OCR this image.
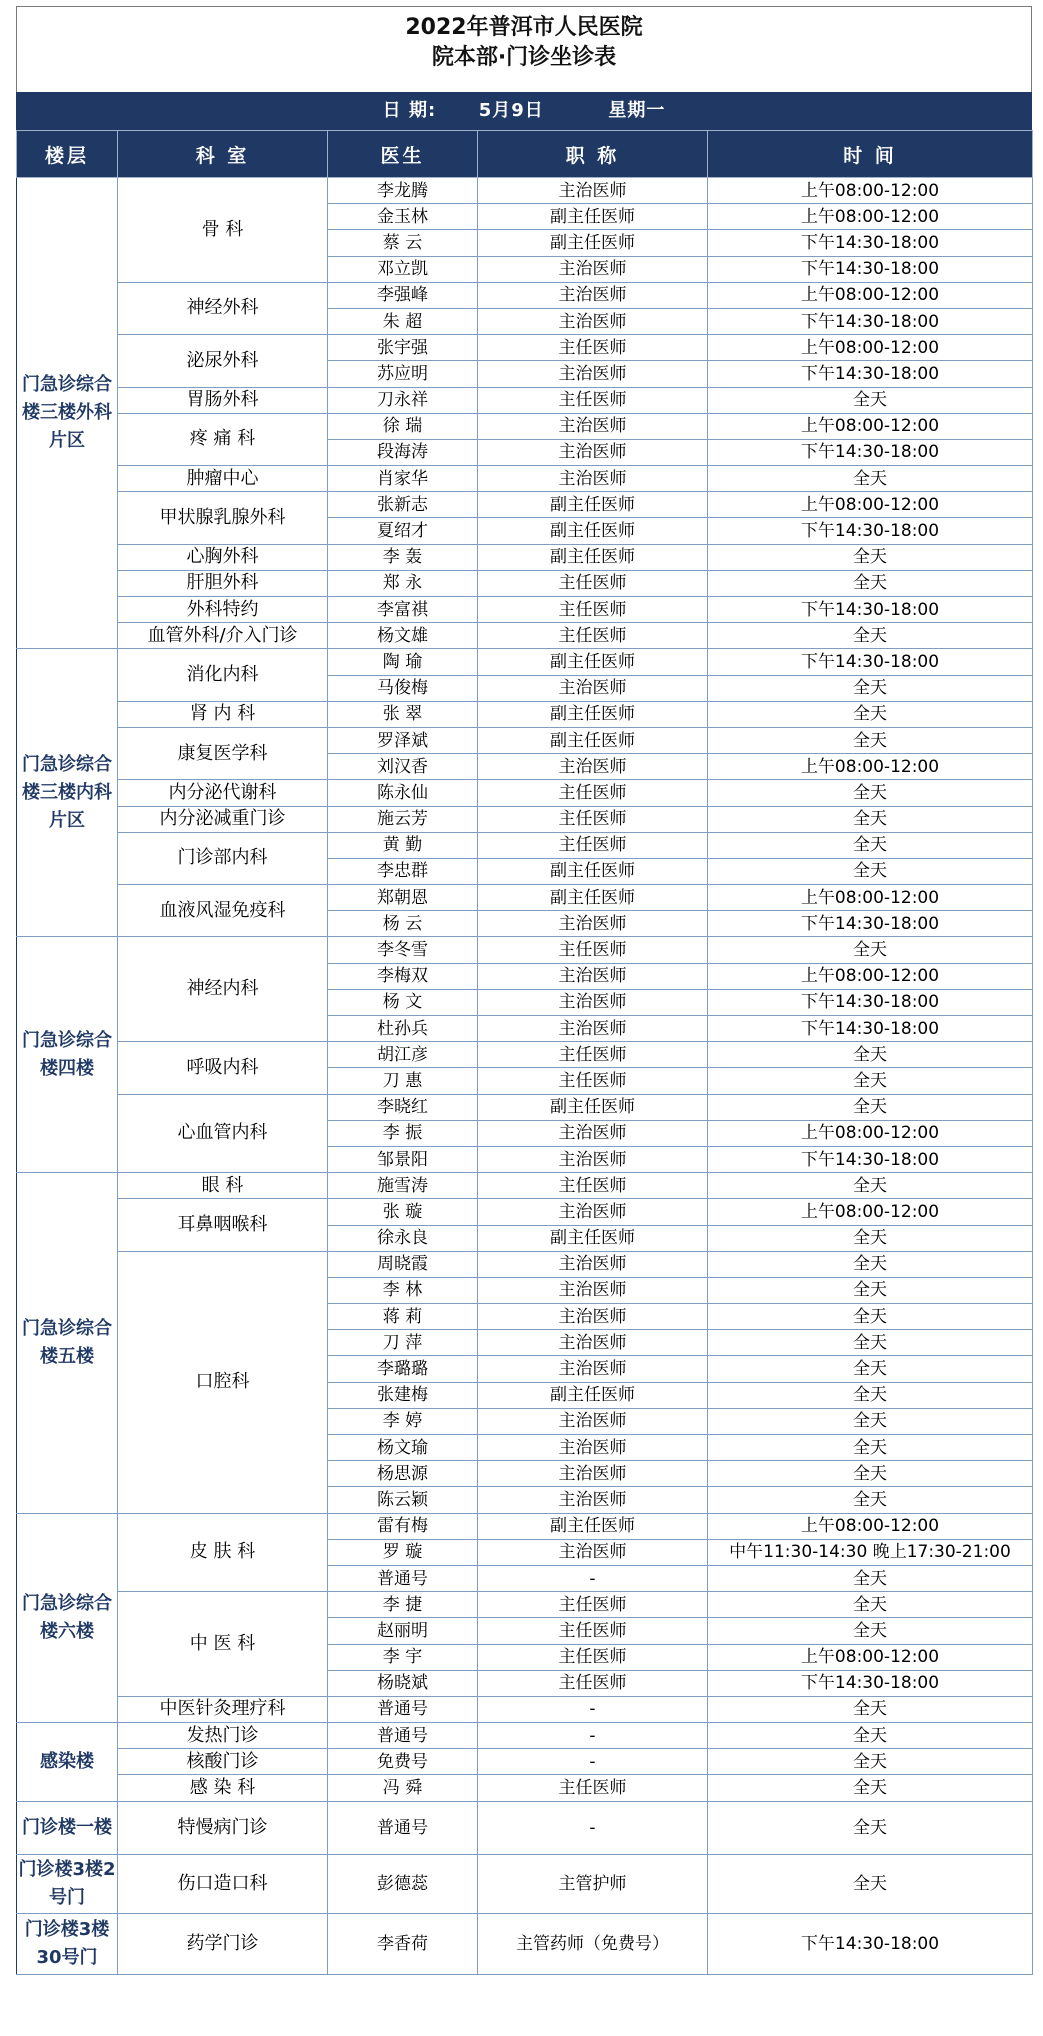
2022年普洱市人民医院
院本部·门诊坐诊表
日 期: 5月9日	星期一
楼层	科 室	医生	职 称	时 间
门急诊综合楼三楼外科片区	骨 科	李龙腾	主治医师	上午08:00-12:00
		金玉林	副主任医师	上午08:00-12:00
		蔡 云	副主任医师	下午14:30-18:00
		邓立凯	主治医师	下午14:30-18:00
	神经外科	李强峰	主治医师	上午08:00-12:00
		朱 超	主治医师	下午14:30-18:00
	泌尿外科	张宇强	主任医师	上午08:00-12:00
		苏应明	主治医师	下午14:30-18:00
	胃肠外科	刀永祥	主任医师	全天
	疼 痛 科	徐 瑞	主治医师	上午08:00-12:00
		段海涛	主治医师	下午14:30-18:00
	肿瘤中心	肖家华	主治医师	全天
	甲状腺乳腺外科	张新志	副主任医师	上午08:00-12:00
		夏绍才	副主任医师	下午14:30-18:00
	心胸外科	李 轰	副主任医师	全天
	肝胆外科	郑 永	主任医师	全天
	外科特约	李富祺	主任医师	下午14:30-18:00
	血管外科/介入门诊	杨文雄	主任医师	全天
门急诊综合楼三楼内科片区	消化内科	陶 瑜	副主任医师	下午14:30-18:00
		马俊梅	主治医师	全天
	肾 内 科	张 翠	副主任医师	全天
	康复医学科	罗泽斌	副主任医师	全天
		刘汉香	主治医师	上午08:00-12:00
	内分泌代谢科	陈永仙	主任医师	全天
	内分泌减重门诊	施云芳	主任医师	全天
	门诊部内科	黄 勤	主任医师	全天
		李忠群	副主任医师	全天
	血液风湿免疫科	郑朝恩	副主任医师	上午08:00-12:00
		杨 云	主治医师	下午14:30-18:00
门急诊综合楼四楼	神经内科	李冬雪	主任医师	全天
		李梅双	主治医师	上午08:00-12:00
		杨 文	主治医师	下午14:30-18:00
		杜孙兵	主治医师	下午14:30-18:00
	呼吸内科	胡江彦	主任医师	全天
		刀 惠	主任医师	全天
	心血管内科	李晓红	副主任医师	全天
		李 振	主治医师	上午08:00-12:00
		邹景阳	主治医师	下午14:30-18:00
门急诊综合楼五楼	眼 科	施雪涛	主任医师	全天
	耳鼻咽喉科	张 璇	主治医师	上午08:00-12:00
		徐永良	副主任医师	全天
	口腔科	周晓霞	主治医师	全天
		李 林	主治医师	全天
		蒋 莉	主治医师	全天
		刀 萍	主治医师	全天
		李璐璐	主治医师	全天
		张建梅	副主任医师	全天
		李 婷	主治医师	全天
		杨文瑜	主治医师	全天
		杨思源	主治医师	全天
		陈云颖	主治医师	全天
门急诊综合楼六楼	皮 肤 科	雷有梅	副主任医师	上午08:00-12:00
		罗 璇	主治医师	中午11:30-14:30 晚上17:30-21:00
		普通号	-	全天
	中 医 科	李 捷	主任医师	全天
		赵丽明	主任医师	全天
		李 宇	主任医师	上午08:00-12:00
		杨晓斌	主任医师	下午14:30-18:00
	中医针灸理疗科	普通号	-	全天
感染楼	发热门诊	普通号	-	全天
	核酸门诊	免费号	-	全天
	感 染 科	冯 舜	主任医师	全天
门诊楼一楼	特慢病门诊	普通号	-	全天
门诊楼3楼2号门	伤口造口科	彭德蕊	主管护师	全天
门诊楼3楼30号门	药学门诊	李香荷	主管药师（免费号）	下午14:30-18:00
